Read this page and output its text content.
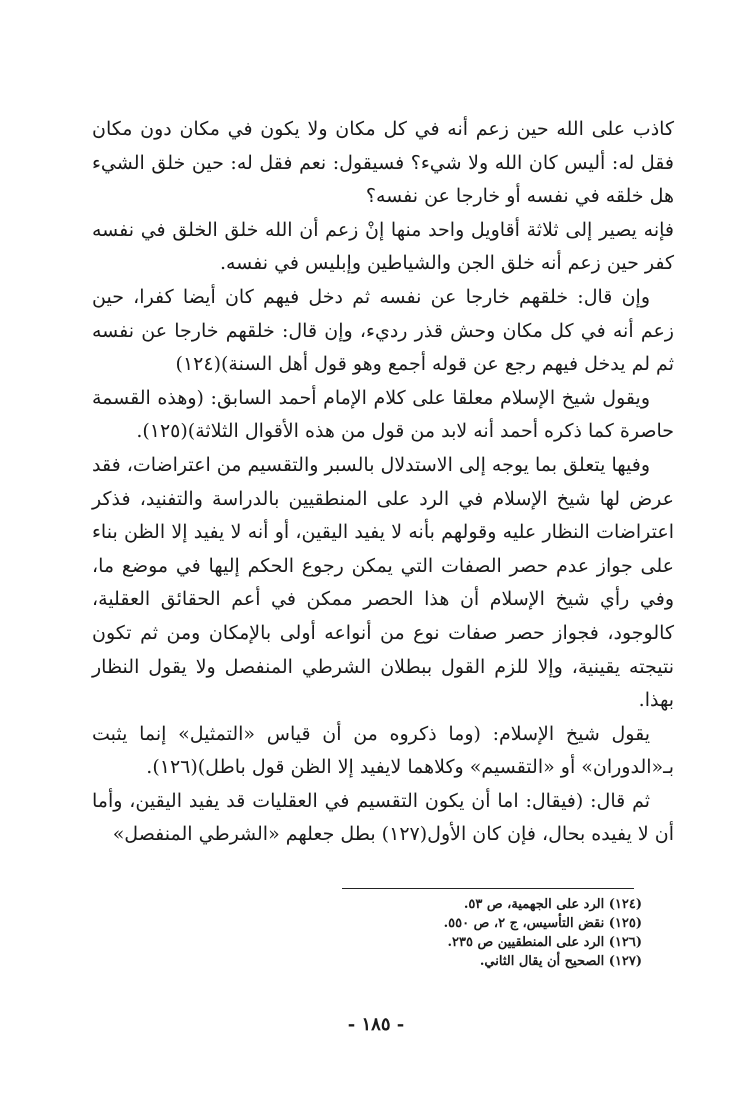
كاذب على الله حين زعم أنه في كل مكان ولا يكون في مكان دون مكان فقل له: أليس كان الله ولا شيء؟ فسيقول: نعم فقل له: حين خلق الشيء هل خلقه في نفسه أو خارجا عن نفسه؟

فإنه يصير إلى ثلاثة أقاويل واحد منها إنْ زعم أن الله خلق الخلق في نفسه كفر حين زعم أنه خلق الجن والشياطين وإبليس في نفسه.

وإن قال: خلقهم خارجا عن نفسه ثم دخل فيهم كان أيضا كفرا، حين زعم أنه في كل مكان وحش قذر رديء، وإن قال: خلقهم خارجا عن نفسه ثم لم يدخل فيهم رجع عن قوله أجمع وهو قول أهل السنة)(١٢٤)

ويقول شيخ الإسلام معلقا على كلام الإمام أحمد السابق: (وهذه القسمة حاصرة كما ذكره أحمد أنه لابد من قول من هذه الأقوال الثلاثة)(١٢٥).

وفيها يتعلق بما يوجه إلى الاستدلال بالسبر والتقسيم من اعتراضات، فقد عرض لها شيخ الإسلام في الرد على المنطقيين بالدراسة والتفنيد، فذكر اعتراضات النظار عليه وقولهم بأنه لا يفيد اليقين، أو أنه لا يفيد إلا الظن بناء على جواز عدم حصر الصفات التي يمكن رجوع الحكم إليها في موضع ما، وفي رأي شيخ الإسلام أن هذا الحصر ممكن في أعم الحقائق العقلية، كالوجود، فجواز حصر صفات نوع من أنواعه أولى بالإمكان ومن ثم تكون نتيجته يقينية، وإلا للزم القول ببطلان الشرطي المنفصل ولا يقول النظار بهذا.

يقول شيخ الإسلام: (وما ذكروه من أن قياس «التمثيل» إنما يثبت بـ«الدوران» أو «التقسيم» وكلاهما لايفيد إلا الظن قول باطل)(١٢٦).

ثم قال: (فيقال: اما أن يكون التقسيم في العقليات قد يفيد اليقين، وأما أن لا يفيده بحال، فإن كان الأول(١٢٧) بطل جعلهم «الشرطي المنفصل»

(١٢٤) الرد على الجهمية، ص ٥٣.

(١٢٥) نقض التأسيس، ج ٢، ص ٥٥٠.

(١٢٦) الرد على المنطقيين ص ٢٣٥.

(١٢٧) الصحيح أن يقال الثاني.

- ١٨٥ -
